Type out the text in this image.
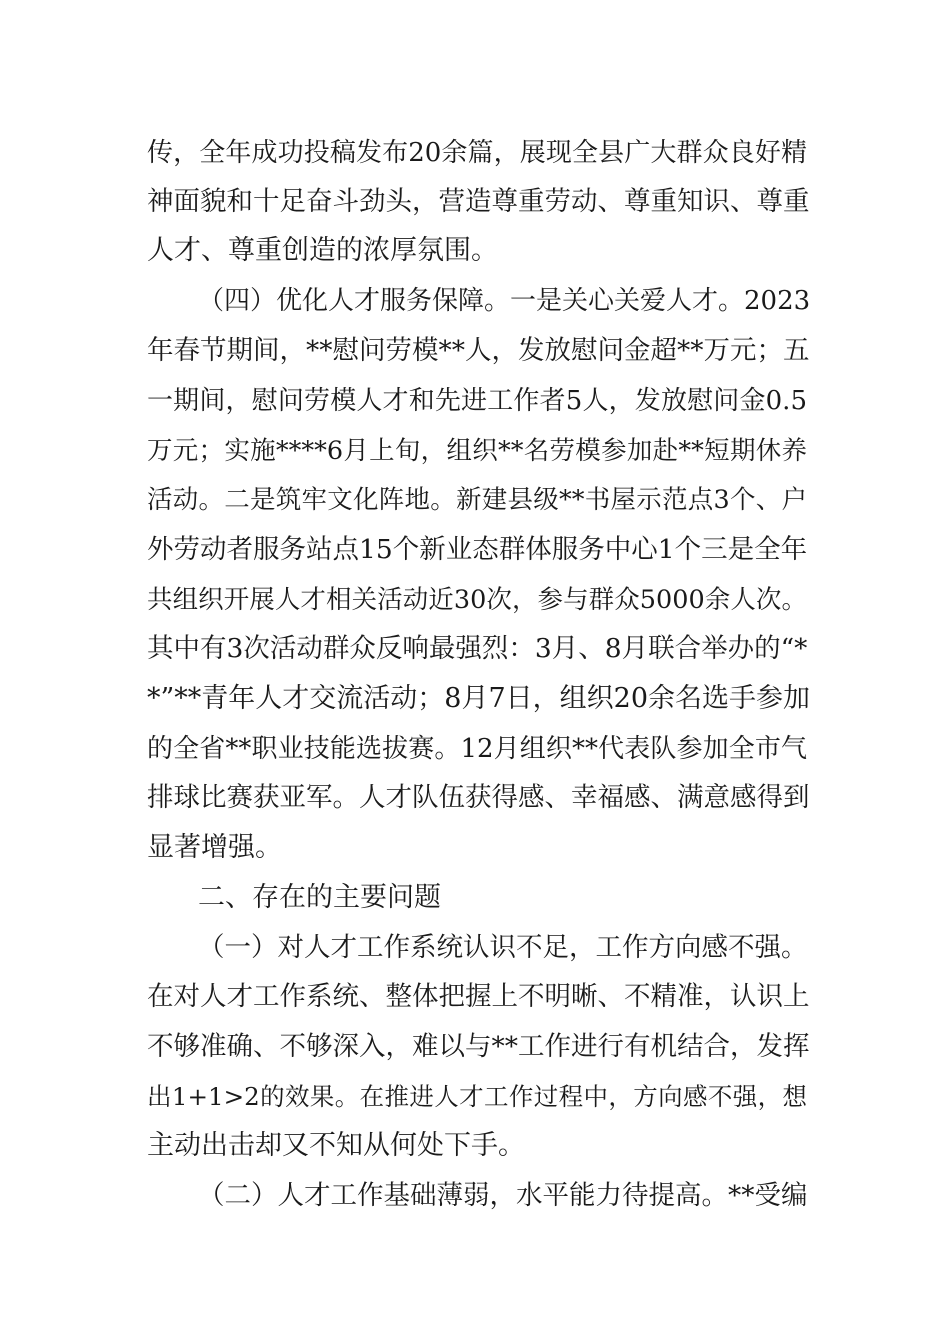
传，全年成功投稿发布20余篇，展现全县广大群众良好精
神面貌和十足奋斗劲头，营造尊重劳动、尊重知识、尊重
人才、尊重创造的浓厚氛围。
（四）优化人才服务保障。一是关心关爱人才。2023
年春节期间，**慰问劳模**人，发放慰问金超**万元；五
一期间，慰问劳模人才和先进工作者5人，发放慰问金0.5
万元；实施****6月上旬，组织**名劳模参加赴**短期休养
活动。二是筑牢文化阵地。新建县级**书屋示范点3个、户
外劳动者服务站点15个新业态群体服务中心1个三是全年
共组织开展人才相关活动近30次，参与群众5000余人次。
其中有3次活动群众反响最强烈：3月、8月联合举办的“*
*”**青年人才交流活动；8月7日，组织20余名选手参加
的全省**职业技能选拔赛。12月组织**代表队参加全市气
排球比赛获亚军。人才队伍获得感、幸福感、满意感得到
显著增强。
二、存在的主要问题
（一）对人才工作系统认识不足，工作方向感不强。
在对人才工作系统、整体把握上不明晰、不精准，认识上
不够准确、不够深入，难以与**工作进行有机结合，发挥
出1+1>2的效果。在推进人才工作过程中，方向感不强，想
主动出击却又不知从何处下手。
（二）人才工作基础薄弱，水平能力待提高。**受编
